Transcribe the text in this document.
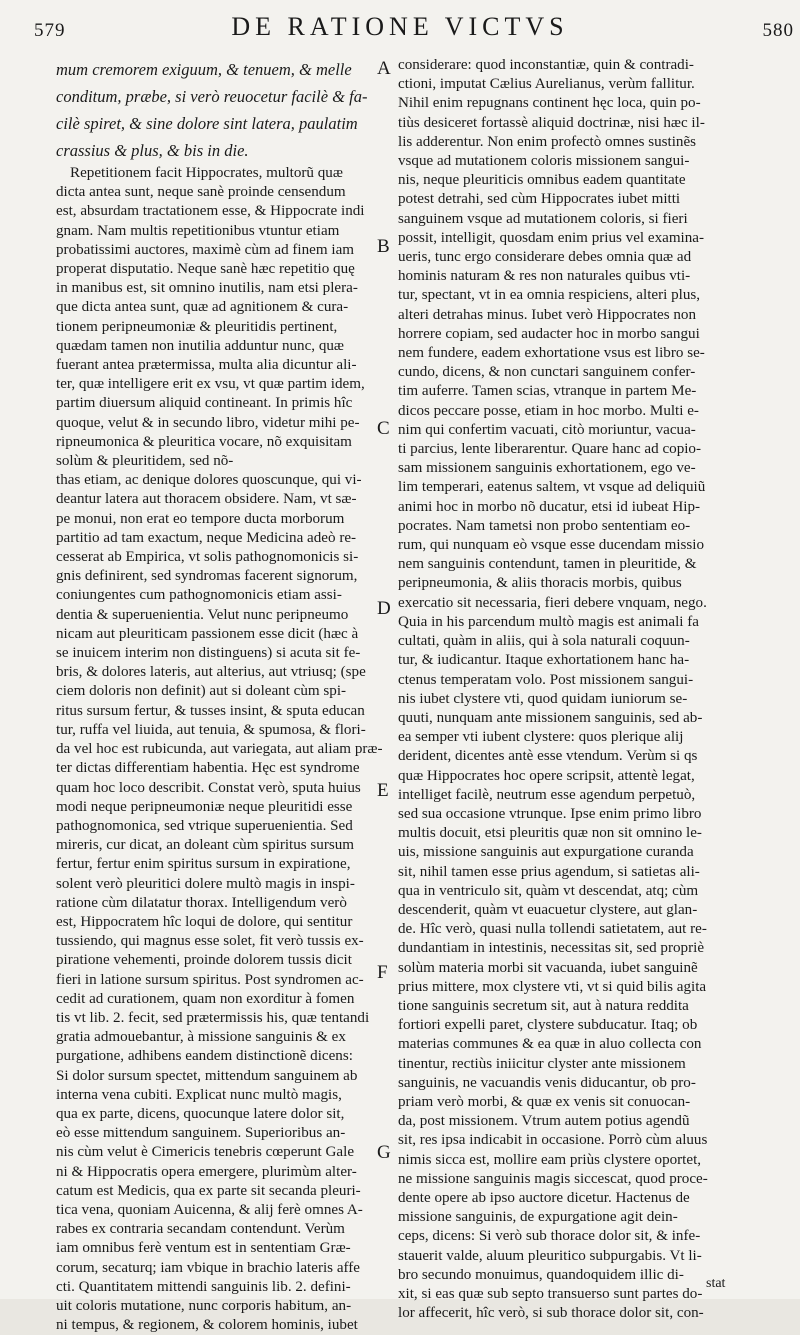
579	DE RATIONE VICTVS	580
mum cremorem exiguum, & tenuem, & melle
conditum, præbe, si verò reuocetur facilè & fa-
cilè spiret, & sine dolore sint latera, paulatim
crassius & plus, & bis in die.
Repetitionem facit Hippocrates, multorũ quæ
dicta antea sunt, neque sanè proinde censendum
est, absurdam tractationem esse, & Hippocrate indi
gnam. Nam multis repetitionibus vtuntur etiam
probatissimi auctores, maximè cùm ad finem iam
properat disputatio. Neque sanè hæc repetitio quę
in manibus est, sit omnino inutilis, nam etsi plera-
que dicta antea sunt, quæ ad agnitionem & cura-
tionem peripneumoniæ & pleuritidis pertinent,
quædam tamen non inutilia adduntur nunc, quæ
fuerant antea prætermissa, multa alia dicuntur ali-
ter, quæ intelligere erit ex vsu, vt quæ partim idem,
partim diuersum aliquid contineant. In primis hîc
quoque, velut & in secundo libro, videtur mihi pe-
ripneumonica & pleuritica vocare, nõ exquisitam
solùm & pleuritidem, sed nõ-
thas etiam, ac denique dolores quoscunque, qui vi-
deantur latera aut thoracem obsidere. Nam, vt sæ-
pe monui, non erat eo tempore ducta morborum
partitio ad tam exactum, neque Medicina adeò re-
cesserat ab Empirica, vt solis pathognomonicis si-
gnis definirent, sed syndromas facerent signorum,
coniungentes cum pathognomonicis etiam assi-
dentia & superuenientia. Velut nunc peripneumo
nicam aut pleuriticam passionem esse dicit (hæc à
se inuicem interim non distinguens) si acuta sit fe-
bris, & dolores lateris, aut alterius, aut vtriusq; (spe
ciem doloris non definit) aut si doleant cùm spi-
ritus sursum fertur, & tusses insint, & sputa educan
tur, ruffa vel liuida, aut tenuia, & spumosa, & flori-
da vel hoc est rubicunda, aut variegata, aut aliam præ-
ter dictas differentiam habentia. Hęc est syndrome
quam hoc loco describit. Constat verò, sputa huius
modi neque peripneumoniæ neque pleuritidi esse
pathognomonica, sed vtrique superuenientia. Sed
mireris, cur dicat, an doleant cùm spiritus sursum
fertur, fertur enim spiritus sursum in expiratione,
solent verò pleuritici dolere multò magis in inspi-
ratione cùm dilatatur thorax. Intelligendum verò
est, Hippocratem hîc loqui de dolore, qui sentitur
tussiendo, qui magnus esse solet, fit verò tussis ex-
piratione vehementi, proinde dolorem tussis dicit
fieri in latione sursum spiritus. Post syndromen ac-
cedit ad curationem, quam non exorditur à fomen
tis vt lib. 2. fecit, sed prætermissis his, quæ tentandi
gratia admouebantur, à missione sanguinis & ex
purgatione, adhibens eandem distinctionẽ dicens:
Si dolor sursum spectet, mittendum sanguinem ab
interna vena cubiti. Explicat nunc multò magis,
qua ex parte, dicens, quocunque latere dolor sit,
eò esse mittendum sanguinem. Superioribus an-
nis cùm velut è Cimericis tenebris cœperunt Gale
ni & Hippocratis opera emergere, plurimùm alter-
catum est Medicis, qua ex parte sit secanda pleuri-
tica vena, quoniam Auicenna, & alij ferè omnes A-
rabes ex contraria secandam contendunt. Verùm
iam omnibus ferè ventum est in sententiam Græ-
corum, secaturq; iam vbique in brachio lateris affe
cti. Quantitatem mittendi sanguinis lib. 2. defini-
uit coloris mutatione, nunc corporis habitum, an-
ni tempus, & regionem, & colorem hominis, iubet
considerare: quod inconstantiæ, quin & contradi-
ctioni, imputat Cælius Aurelianus, verùm fallitur.
Nihil enim repugnans continent hęc loca, quin po-
tiùs desiceret fortassè aliquid doctrinæ, nisi hæc il-
lis adderentur. Non enim profectò omnes sustinẽs
vsque ad mutationem coloris missionem sangui-
nis, neque pleuriticis omnibus eadem quantitate
potest detrahi, sed cùm Hippocrates iubet mitti
sanguinem vsque ad mutationem coloris, si fieri
possit, intelligit, quosdam enim prius vel examina-
ueris, tunc ergo considerare debes omnia quæ ad
hominis naturam & res non naturales quibus vti-
tur, spectant, vt in ea omnia respiciens, alteri plus,
alteri detrahas minus. Iubet verò Hippocrates non
horrere copiam, sed audacter hoc in morbo sangui
nem fundere, eadem exhortatione vsus est libro se-
cundo, dicens, & non cunctari sanguinem confer-
tim auferre. Tamen scias, vtranque in partem Me-
dicos peccare posse, etiam in hoc morbo. Multi e-
nim qui confertim vacuati, citò moriuntur, vacua-
ti parcius, lente liberarentur. Quare hanc ad copio-
sam missionem sanguinis exhortationem, ego ve-
lim temperari, eatenus saltem, vt vsque ad deliquiũ
animi hoc in morbo nõ ducatur, etsi id iubeat Hip-
pocrates. Nam tametsi non probo sententiam eo-
rum, qui nunquam eò vsque esse ducendam missio
nem sanguinis contendunt, tamen in pleuritide, &
peripneumonia, & aliis thoracis morbis, quibus
exercatio sit necessaria, fieri debere vnquam, nego.
Quia in his parcendum multò magis est animali fa
cultati, quàm in aliis, qui à sola naturali coquun-
tur, & iudicantur. Itaque exhortationem hanc ha-
ctenus temperatam volo. Post missionem sangui-
nis iubet clystere vti, quod quidam iuniorum se-
quuti, nunquam ante missionem sanguinis, sed ab-
ea semper vti iubent clystere: quos plerique alij
derident, dicentes antè esse vtendum. Verùm si qs
quæ Hippocrates hoc opere scripsit, attentè legat,
intelliget facilè, neutrum esse agendum perpetuò,
sed sua occasione vtrunque. Ipse enim primo libro
multis docuit, etsi pleuritis quæ non sit omnino le-
uis, missione sanguinis aut expurgatione curanda
sit, nihil tamen esse prius agendum, si satietas ali-
qua in ventriculo sit, quàm vt descendat, atq; cùm
descenderit, quàm vt euacuetur clystere, aut glan-
de. Hîc verò, quasi nulla tollendi satietatem, aut re-
dundantiam in intestinis, necessitas sit, sed propriè
solùm materia morbi sit vacuanda, iubet sanguinẽ
prius mittere, mox clystere vti, vt si quid bilis agita
tione sanguinis secretum sit, aut à natura reddita
fortiori expelli paret, clystere subducatur. Itaq; ob
materias communes & ea quæ in aluo collecta con
tinentur, rectiùs iniicitur clyster ante missionem
sanguinis, ne vacuandis venis diducantur, ob pro-
priam verò morbi, & quæ ex venis sit conuocan-
da, post missionem. Vtrum autem potius agendũ
sit, res ipsa indicabit in occasione. Porrò cùm aluus
nimis sicca est, mollire eam priùs clystere oportet,
ne missione sanguinis magis siccescat, quod proce-
dente opere ab ipso auctore dicetur. Hactenus de
missione sanguinis, de expurgatione agit dein-
ceps, dicens: Si verò sub thorace dolor sit, & infe-
stauerit valde, aluum pleuritico subpurgabis. Vt li-
bro secundo monuimus, quandoquidem illic di-
xit, si eas quæ sub septo transuerso sunt partes do-
lor affecerit, hîc verò, si sub thorace dolor sit, con-
A
B
C
D
E
F
G
stat
